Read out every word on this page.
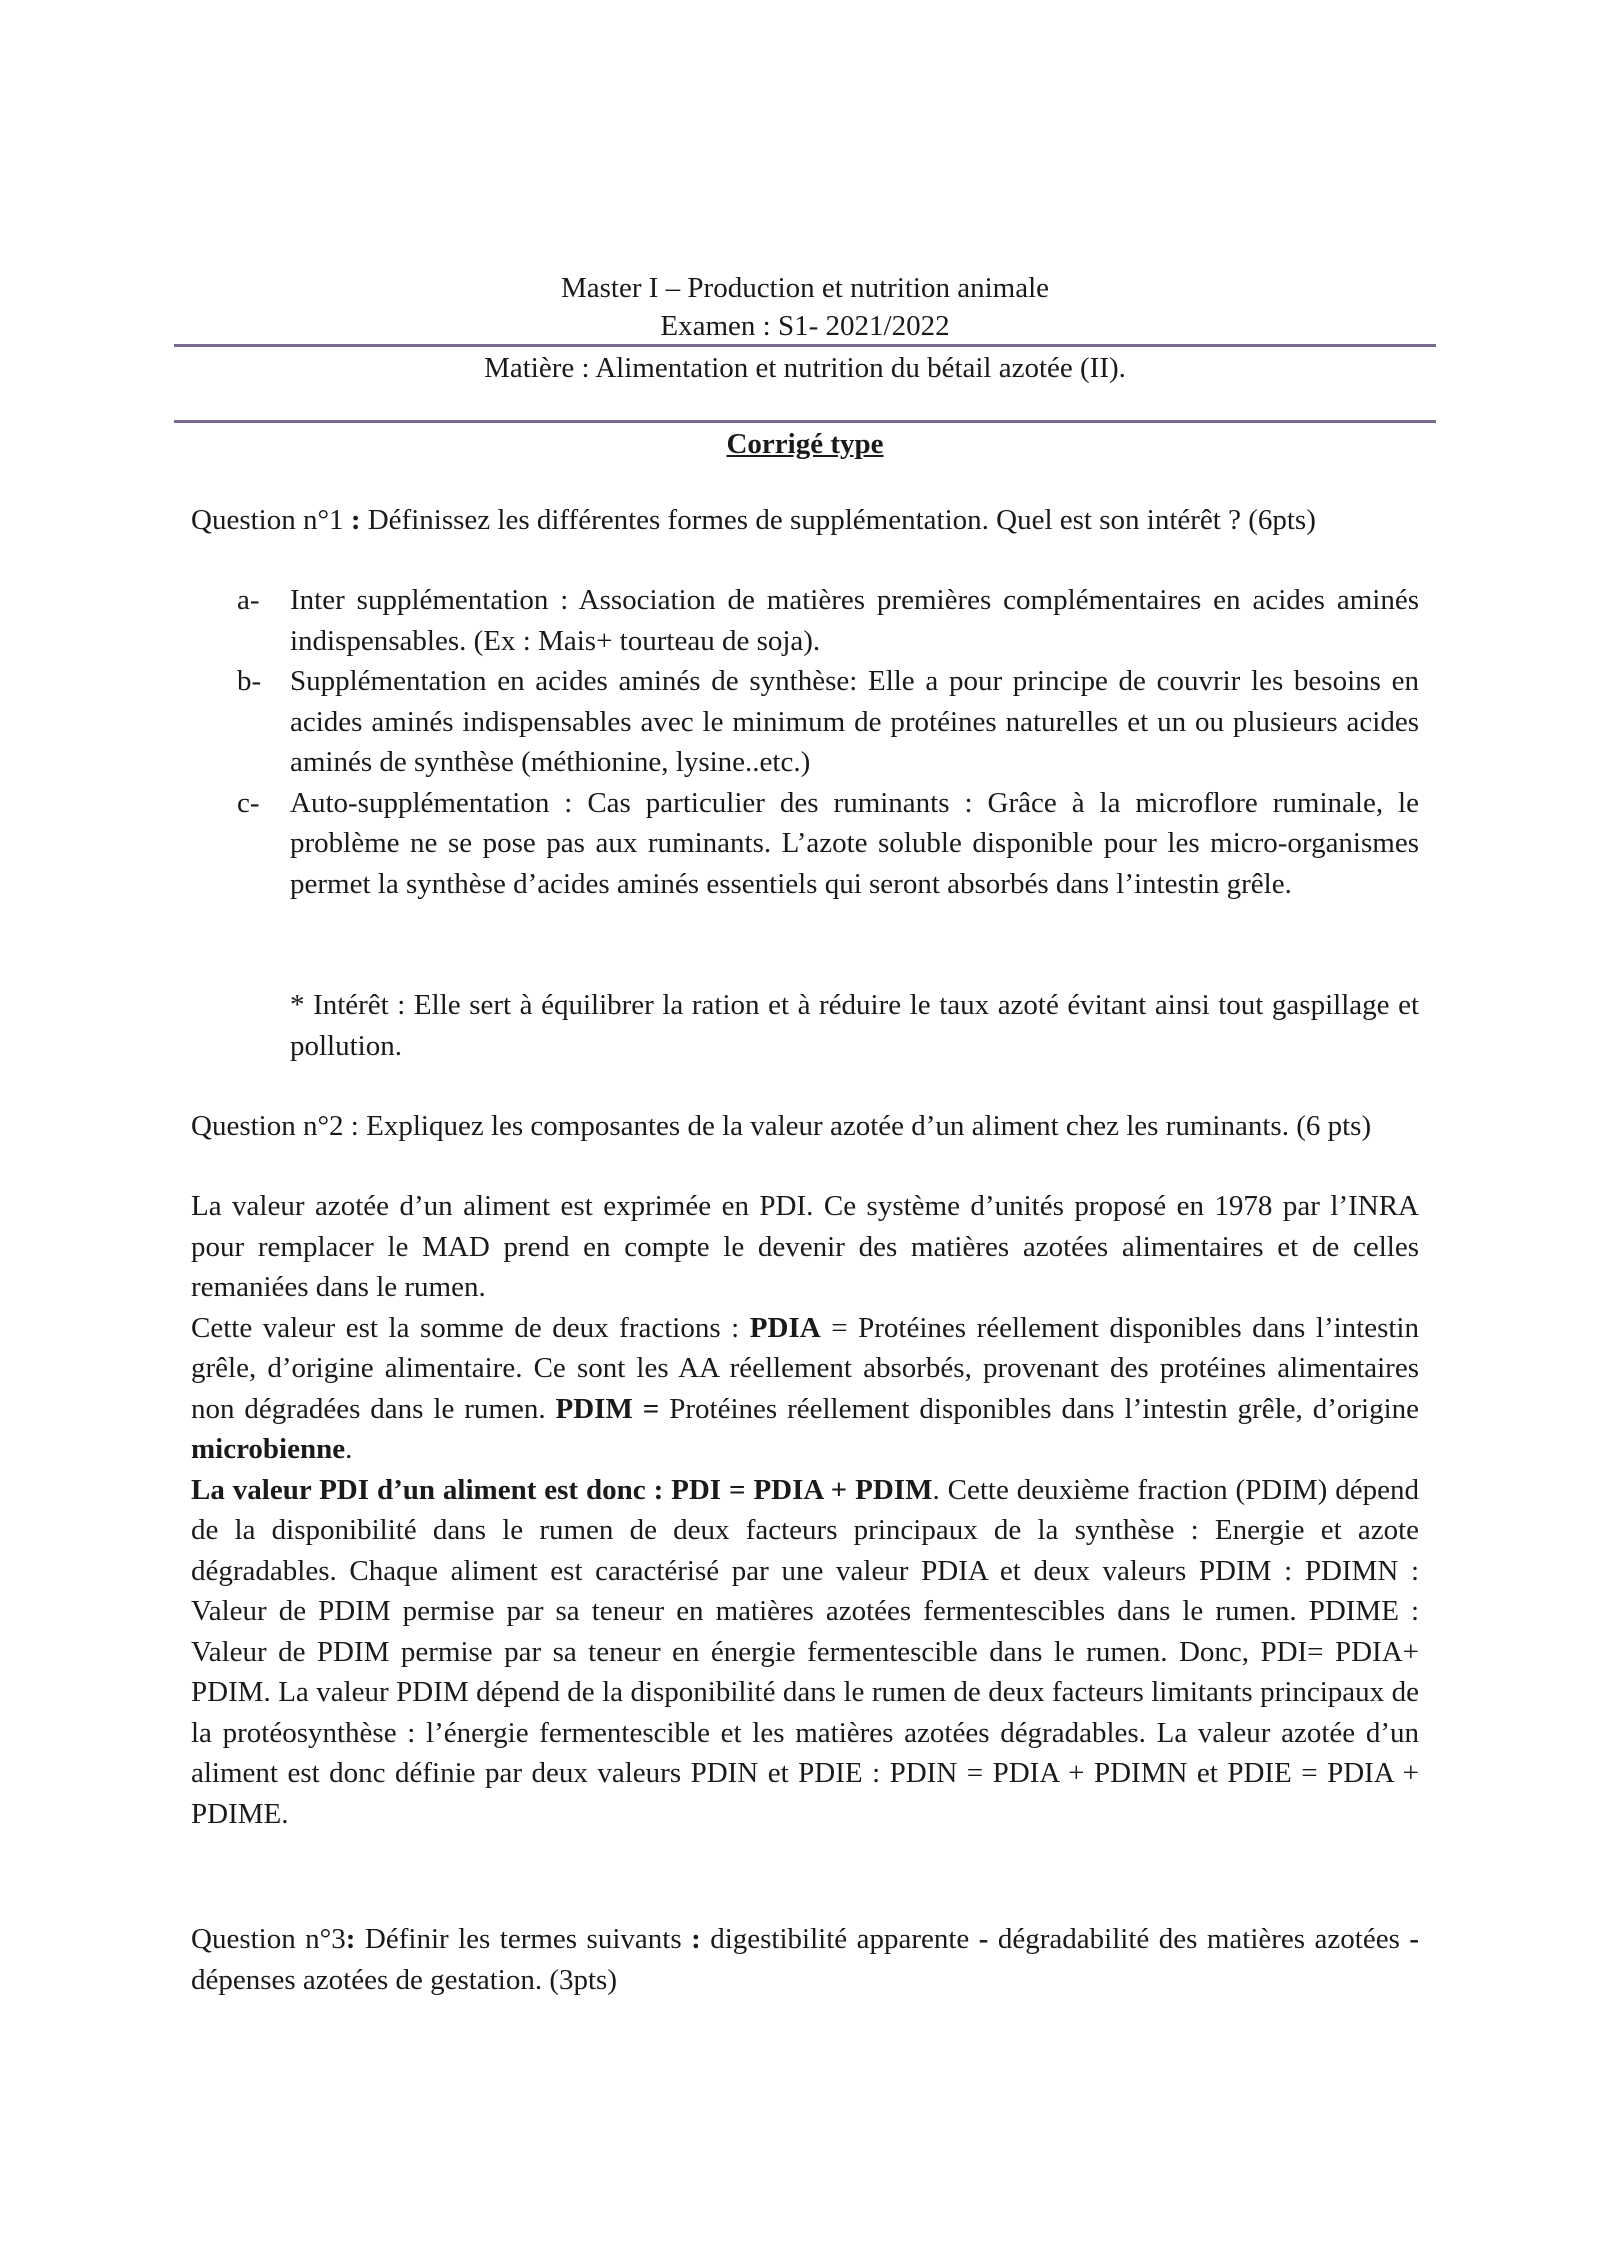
Master I – Production et nutrition animale
Examen : S1- 2021/2022
Matière : Alimentation et nutrition du bétail azotée (II).
Corrigé type
Question n°1 : Définissez les différentes formes de supplémentation. Quel est son intérêt ? (6pts)
a- Inter supplémentation : Association de matières premières complémentaires en acides aminés indispensables. (Ex : Mais+ tourteau de soja).
b- Supplémentation en acides aminés de synthèse: Elle a pour principe de couvrir les besoins en acides aminés indispensables avec le minimum de protéines naturelles et un ou plusieurs acides aminés de synthèse (méthionine, lysine..etc.)
c- Auto-supplémentation : Cas particulier des ruminants : Grâce à la microflore ruminale, le problème ne se pose pas aux ruminants. L’azote soluble disponible pour les micro-organismes permet la synthèse d’acides aminés essentiels qui seront absorbés dans l’intestin grêle.
* Intérêt : Elle sert à équilibrer la ration et à réduire le taux azoté évitant ainsi tout gaspillage et pollution.
Question n°2 : Expliquez les composantes de la valeur azotée d’un aliment chez les ruminants. (6 pts)
La valeur azotée d’un aliment est exprimée en PDI. Ce système d’unités proposé en 1978 par l’INRA pour remplacer le MAD prend en compte le devenir des matières azotées alimentaires et de celles remaniées dans le rumen.
Cette valeur est la somme de deux fractions : PDIA = Protéines réellement disponibles dans l’intestin grêle, d’origine alimentaire. Ce sont les AA réellement absorbés, provenant des protéines alimentaires non dégradées dans le rumen. PDIM = Protéines réellement disponibles dans l’intestin grêle, d’origine microbienne.
La valeur PDI d’un aliment est donc : PDI = PDIA + PDIM. Cette deuxième fraction (PDIM) dépend de la disponibilité dans le rumen de deux facteurs principaux de la synthèse : Energie et azote dégradables. Chaque aliment est caractérisé par une valeur PDIA et deux valeurs PDIM : PDIMN : Valeur de PDIM permise par sa teneur en matières azotées fermentescibles dans le rumen. PDIME : Valeur de PDIM permise par sa teneur en énergie fermentescible dans le rumen. Donc, PDI= PDIA+ PDIM. La valeur PDIM dépend de la disponibilité dans le rumen de deux facteurs limitants principaux de la protéosynthèse : l’énergie fermentescible et les matières azotées dégradables. La valeur azotée d’un aliment est donc définie par deux valeurs PDIN et PDIE : PDIN = PDIA + PDIMN et PDIE = PDIA + PDIME.
Question n°3: Définir les termes suivants : digestibilité apparente - dégradabilité des matières azotées - dépenses azotées de gestation. (3pts)
